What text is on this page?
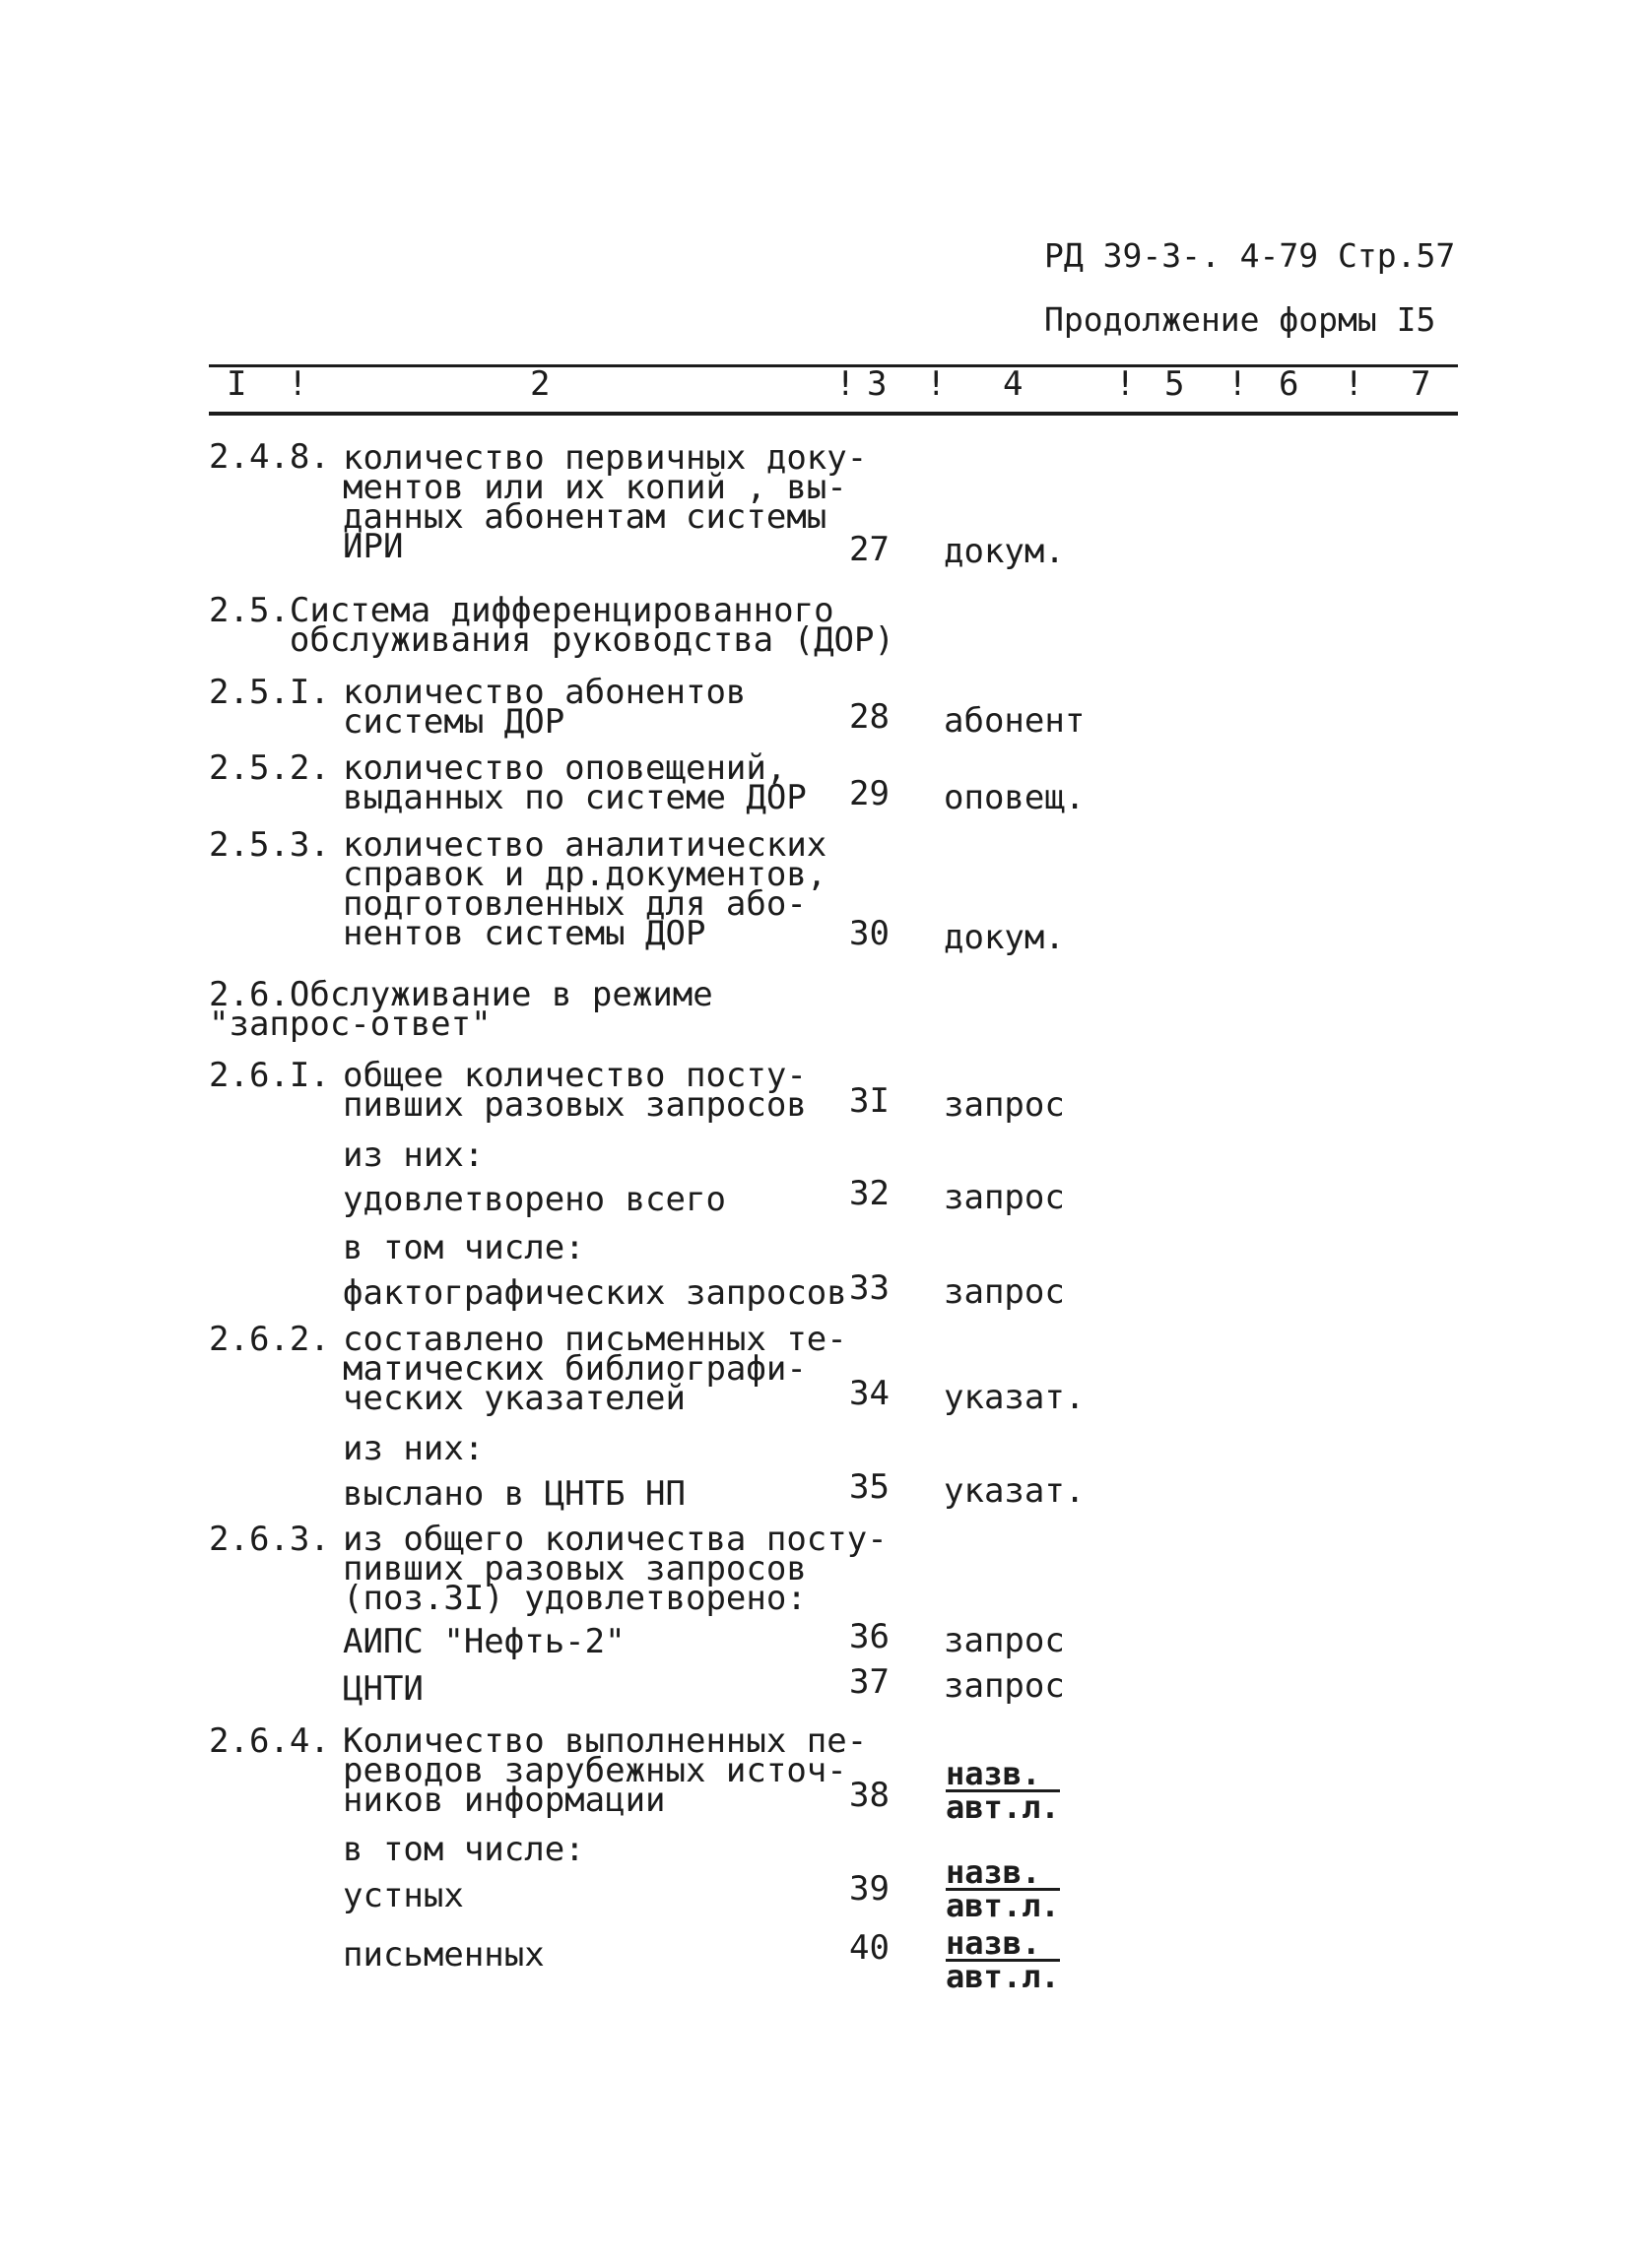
РД 39-3-. 4-79 Стр.57
Продолжение формы I5
I !	2	! 3 ! 4	! 5 ! 6 ! 7
2.4.8. количество первичных доку-
ментов или их копий , вы-
данных абонентам системы
ИРИ	27 докум.
2.5.Система дифференцированного
обслуживания руководства (ДОР)
2.5.I. количество абонентов
системы ДОР	28 абонент
2.5.2. количество оповещений,
выданных по системе ДОР 29 оповещ.
2.5.3. количество аналитических
справок и др.документов,
подготовленных для або-
нентов системы ДОР	30 докум.
2.6.Обслуживание в режиме
"запрос-ответ"
2.6.I. общее количество посту-
пивших разовых запросов 3I запрос
из них:
удовлетворено всего	32 запрос
в том числе:
фактографических запросов 33 запрос
2.6.2. составлено письменных те-
матических библиографи-
ческих указателей	34 указат.
из них:
выслано в ЦНТБ НП	35 указат.
2.6.3. из общего количества посту-
пивших разовых запросов
(поз.3I) удовлетворено:
АИПС "Нефть-2"	36 запрос
ЦНТИ	37 запрос
2.6.4. Количество выполненных пе-
реводов зарубежных источ-
ников информации	38
назв.
авт.л.
в том числе:
устных	39 назв.
авт.л.
письменных	40 назв.
авт.л.
